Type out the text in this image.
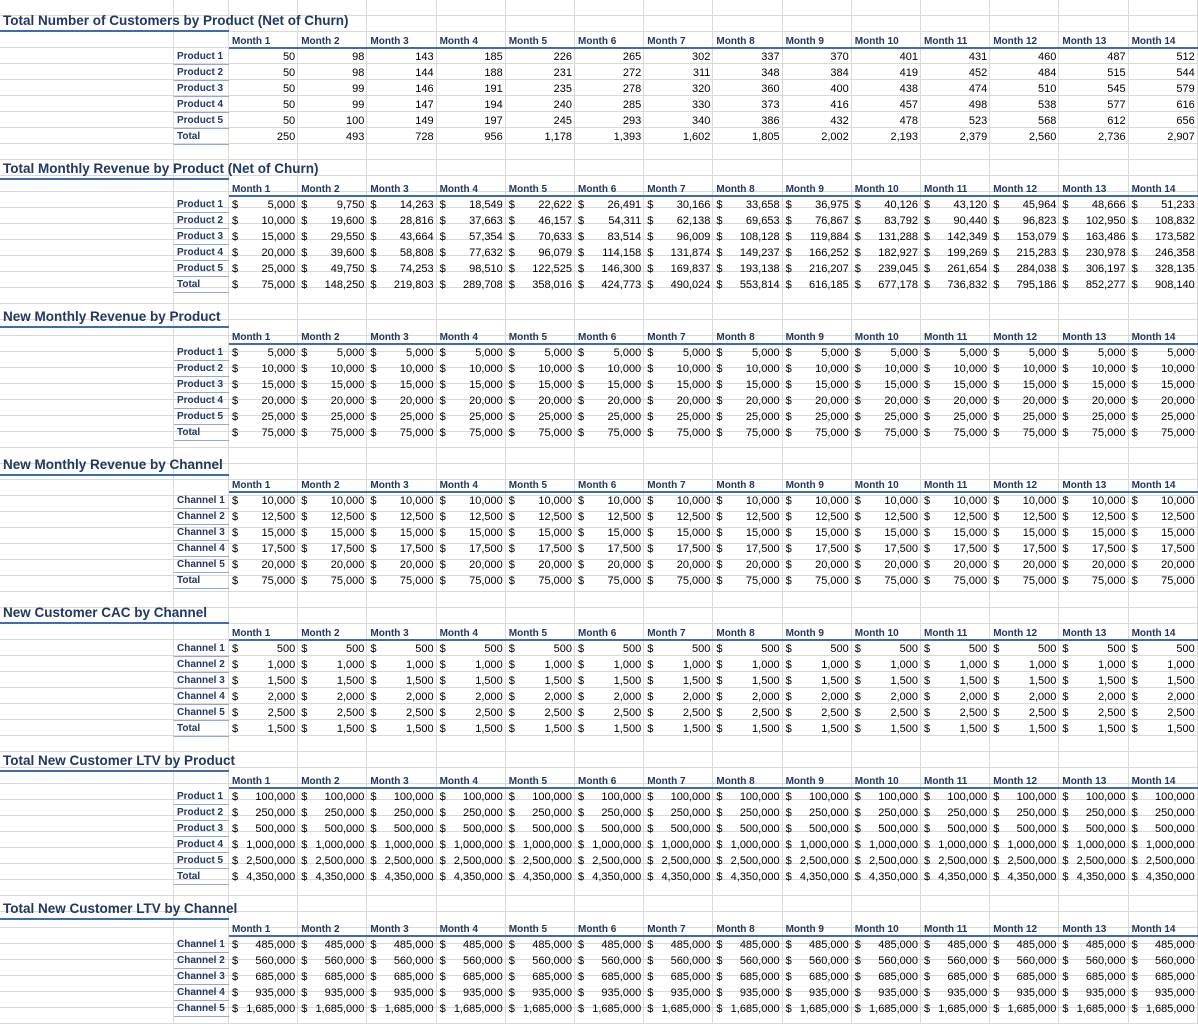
Total Number of Customers by Product (Net of Churn)
Month 1	Month 2	Month 3	Month 4	Month 5	Month 6	Month 7	Month 8	Month 9	Month 10	Month 11	Month 12	Month 13	Month 14
Product 1	50	98	143	185	226	265	302	337	370	401	431	460	487	512
Product 2	50	98	144	188	231	272	311	348	384	419	452	484	515	544
Product 3	50	99	146	191	235	278	320	360	400	438	474	510	545	579
Product 4	50	99	147	194	240	285	330	373	416	457	498	538	577	616
Product 5	50	100	149	197	245	293	340	386	432	478	523	568	612	656
Total	250	493	728	956	1,178	1,393	1,602	1,805	2,002	2,193	2,379	2,560	2,736	2,907
Total Monthly Revenue by Product (Net of Churn)
Month 1	Month 2	Month 3	Month 4	Month 5	Month 6	Month 7	Month 8	Month 9	Month 10	Month 11	Month 12	Month 13	Month 14
Product 1 $	5,000 $	9,750 $ 14,263 $ 18,549 $ 22,622 $ 26,491 $ 30,166 $ 33,658 $ 36,975 $ 40,126 $ 43,120 $ 45,964 $ 48,666 $ 51,233
Product 2 $ 10,000 $ 19,600 $ 28,816 $ 37,663 $ 46,157 $ 54,311 $ 62,138 $ 69,653 $ 76,867 $ 83,792 $ 90,440 $ 96,823 $ 102,950 $ 108,832
Product 3 $ 15,000 $ 29,550 $ 43,664 $ 57,354 $ 70,633 $ 83,514 $ 96,009 $ 108,128 $ 119,884 $ 131,288 $ 142,349 $ 153,079 $ 163,486 $ 173,582
Product 4 $ 20,000 $ 39,600 $ 58,808 $ 77,632 $ 96,079 $ 114,158 $ 131,874 $ 149,237 $ 166,252 $ 182,927 $ 199,269 $ 215,283 $ 230,978 $ 246,358
Product 5 $ 25,000 $ 49,750 $ 74,253 $ 98,510 $ 122,525 $ 146,300 $ 169,837 $ 193,138 $ 216,207 $ 239,045 $ 261,654 $ 284,038 $ 306,197 $ 328,135
Total	$ 75,000 $ 148,250 $ 219,803 $ 289,708 $ 358,016 $ 424,773 $ 490,024 $ 553,814 $ 616,185 $ 677,178 $ 736,832 $ 795,186 $ 852,277 $ 908,140
New Monthly Revenue by Product
Month 1	Month 2	Month 3	Month 4	Month 5	Month 6	Month 7	Month 8	Month 9	Month 10	Month 11	Month 12	Month 13	Month 14
Product 1 $	5,000 $	5,000 $	5,000 $	5,000 $	5,000 $	5,000 $	5,000 $	5,000 $	5,000 $	5,000 $	5,000 $	5,000 $	5,000 $	5,000
Product 2 $ 10,000 $ 10,000 $ 10,000 $ 10,000 $ 10,000 $ 10,000 $ 10,000 $ 10,000 $ 10,000 $ 10,000 $ 10,000 $ 10,000 $ 10,000 $ 10,000
Product 3 $ 15,000 $ 15,000 $ 15,000 $ 15,000 $ 15,000 $ 15,000 $ 15,000 $ 15,000 $ 15,000 $ 15,000 $ 15,000 $ 15,000 $ 15,000 $ 15,000
Product 4 $ 20,000 $ 20,000 $ 20,000 $ 20,000 $ 20,000 $ 20,000 $ 20,000 $ 20,000 $ 20,000 $ 20,000 $ 20,000 $ 20,000 $ 20,000 $ 20,000
Product 5 $ 25,000 $ 25,000 $ 25,000 $ 25,000 $ 25,000 $ 25,000 $ 25,000 $ 25,000 $ 25,000 $ 25,000 $ 25,000 $ 25,000 $ 25,000 $ 25,000
Total	$ 75,000 $ 75,000 $ 75,000 $ 75,000 $ 75,000 $ 75,000 $ 75,000 $ 75,000 $ 75,000 $ 75,000 $ 75,000 $ 75,000 $ 75,000 $ 75,000
New Monthly Revenue by Channel
Month 1	Month 2	Month 3	Month 4	Month 5	Month 6	Month 7	Month 8	Month 9	Month 10	Month 11	Month 12	Month 13	Month 14
Channel 1 $ 10,000 $ 10,000 $ 10,000 $ 10,000 $ 10,000 $ 10,000 $ 10,000 $ 10,000 $ 10,000 $ 10,000 $ 10,000 $ 10,000 $ 10,000 $ 10,000
Channel 2 $ 12,500 $ 12,500 $ 12,500 $ 12,500 $ 12,500 $ 12,500 $ 12,500 $ 12,500 $ 12,500 $ 12,500 $ 12,500 $ 12,500 $ 12,500 $ 12,500
Channel 3 $ 15,000 $ 15,000 $ 15,000 $ 15,000 $ 15,000 $ 15,000 $ 15,000 $ 15,000 $ 15,000 $ 15,000 $ 15,000 $ 15,000 $ 15,000 $ 15,000
Channel 4 $ 17,500 $ 17,500 $ 17,500 $ 17,500 $ 17,500 $ 17,500 $ 17,500 $ 17,500 $ 17,500 $ 17,500 $ 17,500 $ 17,500 $ 17,500 $ 17,500
Channel 5 $ 20,000 $ 20,000 $ 20,000 $ 20,000 $ 20,000 $ 20,000 $ 20,000 $ 20,000 $ 20,000 $ 20,000 $ 20,000 $ 20,000 $ 20,000 $ 20,000
Total	$ 75,000 $ 75,000 $ 75,000 $ 75,000 $ 75,000 $ 75,000 $ 75,000 $ 75,000 $ 75,000 $ 75,000 $ 75,000 $ 75,000 $ 75,000 $ 75,000
New Customer CAC by Channel
Month 1	Month 2	Month 3	Month 4	Month 5	Month 6	Month 7	Month 8	Month 9	Month 10	Month 11	Month 12	Month 13	Month 14
Channel 1 $	500 $	500 $	500 $	500 $	500 $	500 $	500 $	500 $	500 $	500 $	500 $	500 $	500 $	500
Channel 2 $	1,000 $	1,000 $	1,000 $	1,000 $	1,000 $	1,000 $	1,000 $	1,000 $	1,000 $	1,000 $	1,000 $	1,000 $	1,000 $	1,000
Channel 3 $	1,500 $	1,500 $	1,500 $	1,500 $	1,500 $	1,500 $	1,500 $	1,500 $	1,500 $	1,500 $	1,500 $	1,500 $	1,500 $	1,500
Channel 4 $	2,000 $	2,000 $	2,000 $	2,000 $	2,000 $	2,000 $	2,000 $	2,000 $	2,000 $	2,000 $	2,000 $	2,000 $	2,000 $	2,000
Channel 5 $	2,500 $	2,500 $	2,500 $	2,500 $	2,500 $	2,500 $	2,500 $	2,500 $	2,500 $	2,500 $	2,500 $	2,500 $	2,500 $	2,500
Total	$	1,500 $	1,500 $	1,500 $	1,500 $	1,500 $	1,500 $	1,500 $	1,500 $	1,500 $	1,500 $	1,500 $	1,500 $	1,500 $	1,500
Total New Customer LTV by Product
Month 1	Month 2	Month 3	Month 4	Month 5	Month 6	Month 7	Month 8	Month 9	Month 10	Month 11	Month 12	Month 13	Month 14
Product 1 $ 100,000 $ 100,000 $ 100,000 $ 100,000 $ 100,000 $ 100,000 $ 100,000 $ 100,000 $ 100,000 $ 100,000 $ 100,000 $ 100,000 $ 100,000 $ 100,000
Product 2 $ 250,000 $ 250,000 $ 250,000 $ 250,000 $ 250,000 $ 250,000 $ 250,000 $ 250,000 $ 250,000 $ 250,000 $ 250,000 $ 250,000 $ 250,000 $ 250,000
Product 3 $ 500,000 $ 500,000 $ 500,000 $ 500,000 $ 500,000 $ 500,000 $ 500,000 $ 500,000 $ 500,000 $ 500,000 $ 500,000 $ 500,000 $ 500,000 $ 500,000
Product 4 $ 1,000,000 $ 1,000,000 $ 1,000,000 $ 1,000,000 $ 1,000,000 $ 1,000,000 $ 1,000,000 $ 1,000,000 $ 1,000,000 $ 1,000,000 $ 1,000,000 $ 1,000,000 $ 1,000,000 $ 1,000,000
Product 5 $ 2,500,000 $ 2,500,000 $ 2,500,000 $ 2,500,000 $ 2,500,000 $ 2,500,000 $ 2,500,000 $ 2,500,000 $ 2,500,000 $ 2,500,000 $ 2,500,000 $ 2,500,000 $ 2,500,000 $ 2,500,000
Total	$ 4,350,000 $ 4,350,000 $ 4,350,000 $ 4,350,000 $ 4,350,000 $ 4,350,000 $ 4,350,000 $ 4,350,000 $ 4,350,000 $ 4,350,000 $ 4,350,000 $ 4,350,000 $ 4,350,000 $ 4,350,000
Total New Customer LTV by Channel
Month 1	Month 2	Month 3	Month 4	Month 5	Month 6	Month 7	Month 8	Month 9	Month 10	Month 11	Month 12	Month 13	Month 14
Channel 1 $ 485,000 $ 485,000 $ 485,000 $ 485,000 $ 485,000 $ 485,000 $ 485,000 $ 485,000 $ 485,000 $ 485,000 $ 485,000 $ 485,000 $ 485,000 $ 485,000
Channel 2 $ 560,000 $ 560,000 $ 560,000 $ 560,000 $ 560,000 $ 560,000 $ 560,000 $ 560,000 $ 560,000 $ 560,000 $ 560,000 $ 560,000 $ 560,000 $ 560,000
Channel 3 $ 685,000 $ 685,000 $ 685,000 $ 685,000 $ 685,000 $ 685,000 $ 685,000 $ 685,000 $ 685,000 $ 685,000 $ 685,000 $ 685,000 $ 685,000 $ 685,000
Channel 4 $ 935,000 $ 935,000 $ 935,000 $ 935,000 $ 935,000 $ 935,000 $ 935,000 $ 935,000 $ 935,000 $ 935,000 $ 935,000 $ 935,000 $ 935,000 $ 935,000
Channel 5 $ 1,685,000 $ 1,685,000 $ 1,685,000 $ 1,685,000 $ 1,685,000 $ 1,685,000 $ 1,685,000 $ 1,685,000 $ 1,685,000 $ 1,685,000 $ 1,685,000 $ 1,685,000 $ 1,685,000 $ 1,685,000
